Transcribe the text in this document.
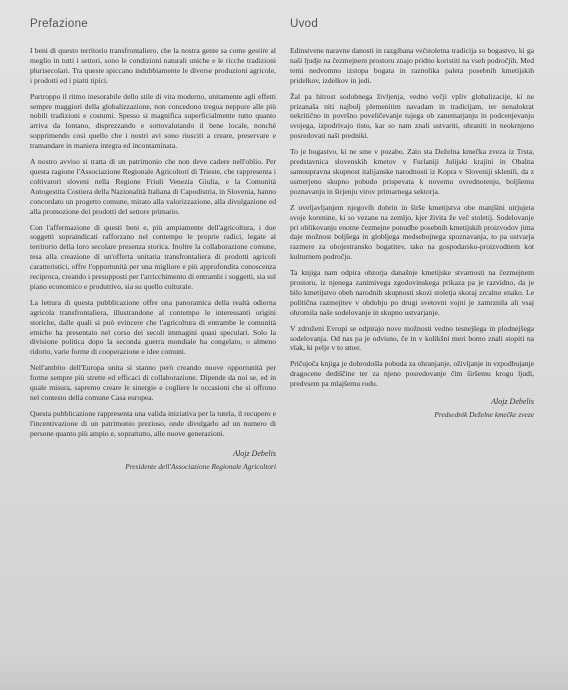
Prefazione

I beni di questo territorio transfrontaliero, che la nostra gente sa come gestire al meglio in tutti i settori, sono le condizioni naturali uniche e le ricche tradizioni plurisecolari. Tra queste spiccano indubbiamente le diverse produzioni agricole, i prodotti ed i piatti tipici.

Purtroppo il ritmo inesorabile dello stile di vita moderno, unitamente agli effetti sempre maggiori della globalizzazione, non concedono tregua neppure alle più nobili tradizioni e costumi. Spesso si magnifica superficialmente tutto quanto arriva da lontano, disprezzando e sottovalutando il bene locale, nonché sopprimendo così quello che i nostri avi sono riusciti a creare, preservare e tramandare in maniera integra ed incontaminata.

A nostro avviso si tratta di un patrimonio che non deve cadere nell'oblio. Per questa ragione l'Associazione Regionale Agricoltori di Trieste, che rappresenta i coltivatori sloveni nella Regione Friuli Venezia Giulia, e la Comunità Autogestita Costiera della Nazionalità Italiana di Capodistria, in Slovenia, hanno concordato un progetto comune, mirato alla valorizzazione, alla divulgazione ed alla promozione dei prodotti del settore primario.

Con l'affermazione di questi beni e, più ampiamente dell'agricoltura, i due soggetti sopraindicati rafforzano nel contempo le proprie radici, legate al territorio della loro secolare presenza storica. Inoltre la collaborazione comune, tesa alla creazione di un'offerta unitaria transfrontaliera di prodotti agricoli caratteristici, offre l'opportunità per una migliore e più approfondita conoscenza reciproca, creando i presupposti per l'arricchimento di entrambi i soggetti, sia sul piano economico e produttivo, sia su quello culturale.

La lettura di questa pubblicazione offre una panoramica della realtà odierna agricola transfrontaliera, illustrandone al contempo le interessanti origini storiche, dalle quali si può evincere che l'agricoltura di entrambe le comunità etniche ha presentato nel corso dei secoli immagini quasi speculari. Solo la divisione politica dopo la seconda guerra mondiale ha congelato, o almeno ridotto, varie forme di cooperazione e idee comuni.

Nell'ambito dell'Europa unita si stanno però creando nuove opportunità per forme sempre più strette ed efficaci di collaborazione. Dipende da noi se, ed in quale misura, sapremo creare le sinergie e cogliere le occasioni che si offrono nel contesto della comune Casa europea.

Questa pubblicazione rappresenta una valida iniziativa per la tutela, il recupero e l'incentivazione di un patrimonio prezioso, onde divulgarlo ad un numero di persone quanto più ampio e, soprattutto, alle nuove generazioni.

Alojz Debelis

Presidente dell'Associazione Regionale Agricoltori

Uvod

Edinstvene naravne danosti in razgibana večstoletna tradicija so bogastvo, ki ga naši ljudje na čezmejnem prostoru znajo pridno koristiti na vseh področjih. Med temi nedvomno izstopa bogata in raznolika paleta posebnih kmetijskih pridelkov, izdelkov in jedi.

Žal pa hitrost sodobnega življenja, vedno večji vpliv globalizacije, ki ne prizanaša niti najbolj plemenitim navadam in tradicijam, ter nenalokrat nekritično in površno poveličevanje tujega ob zanemarjanju in podcenjevanju svojega, izpodrivajo tisto, kar so nam znali ustvariti, ohraniti in neokrnjeno posredovati naši predniki.

To je bogastvo, ki ne sme v pozabo. Zato sta Deželna kmečka zveza iz Trsta, predstavnica slovenskih kmetov v Furlaniji Julijski krajini in Obalna samoupravna skupnost italijanske narodnosti iz Kopra v Sloveniji sklenili, da z usmerjeno skupno pobudo prispevata k novemu ovrednotenju, boljšemu poznavanju in širjenju virov primarnega sektorja.

Z uveljavljanjem njegovih dobrin in širše kmetijstva obe manjšini utrjujeta svoje korenine, ki so vezane na zemljo, kjer živita že več stoletij. Sodelovanje pri oblikovanju enotne čezmejne ponudbe posebnih kmetijskih proizvodov jima daje možnost boljšega in globljega medsebojnega spoznavanja, to pa ustvarja razmere za obojestransko bogatitev, tako na gospodarsko-proizvodnem kot kulturnem področju.

Ta knjiga nam odpira obzorja današnje kmetijske stvarnosti na čezmejnem prostoru, iz njenega zanimivega zgodovinskega prikaza pa je razvidno, da je bilo kmetijstvo obeh narodnih skupnosti skozi stoletja skoraj zrcalno enako. Le politična razmejitev v obdobju po drugi svetovni vojni je zamrznila ali vsaj ohromila naše sodelovanje in skupno ustvarjanje.

V združeni Evropi se odpirajo nove možnosti vedno tesnejšega in plodnejšega sodelovanja. Od nas pa je odvisno, če in v kolikšni meri bomo znali stopiti na vlak, ki pelje v to smer.

Pričujoča knjiga je dobrodošla pobuda za ohranjanje, oživljanje in vzpodbujanje dragocene dediščine ter za njeno posredovanje čim širšemu krogu ljudi, predvsem pa mlajšemu rodu.

Alojz Debelis

Predsednik Deželne kmečke zveze
